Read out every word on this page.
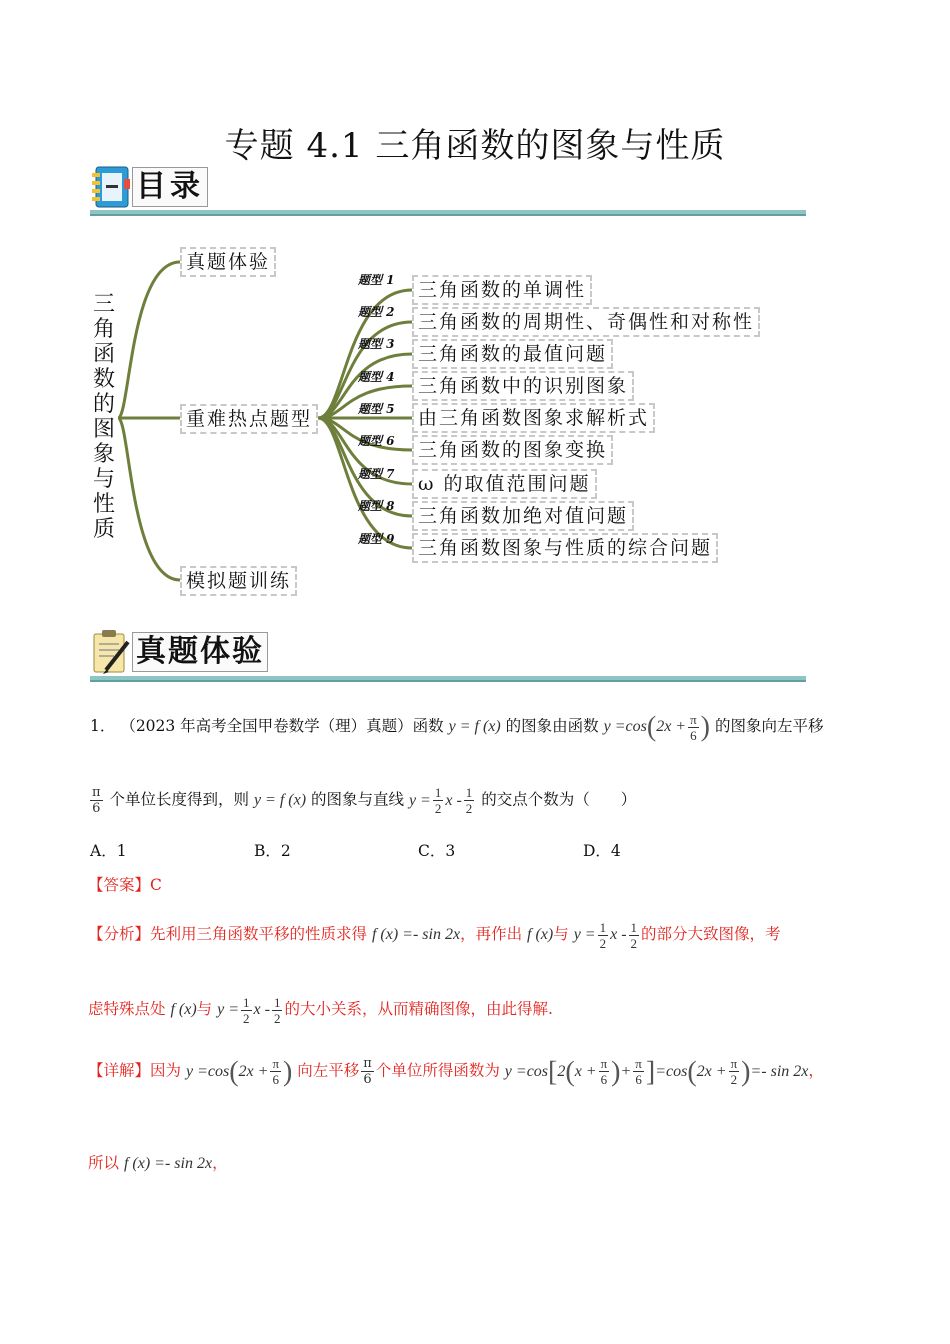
专题 4.1 三角函数的图象与性质
目录
三角函数的图象与性质
真题体验
重难热点题型
模拟题训练
题型 1
题型 2
题型 3
题型 4
题型 5
题型 6
题型 7
题型 8
题型 9
三角函数的单调性
三角函数的周期性、奇偶性和对称性
三角函数的最值问题
三角函数中的识别图象
由三角函数图象求解析式
三角函数的图象变换
ω 的取值范围问题
三角函数加绝对值问题
三角函数图象与性质的综合问题
真题体验
1． （2023 年高考全国甲卷数学（理）真题）函数 y = f (x) 的图象由函数 $y =\cos(2x + \frac{\pi}{6}$ ) 的图象向左平移
$\frac{\pi}{6}$ 个单位长度得到，则 y = f (x) 的图象与直线 $y = \frac{1}{2}$ x - $\frac{1}{2}$ 的交点个数为（　　）
A．1	B．2	C．3	D．4
【答案】C
【分析】先利用三角函数平移的性质求得 f (x) =- sin 2x，再作出 f (x)与 $y = \frac{1}{2}$ x - $\frac{1}{2}$ 的部分大致图像，考
虑特殊点处 f (x)与 $y = \frac{1}{2}$ x - $\frac{1}{2}$ 的大小关系，从而精确图像，由此得解.
【详解】因为 $y =\cos(2x + \frac{\pi}{6}$ ) 向左平移 $\frac{\pi}{6}$ 个单位所得函数为 $y =\cos[2(x + \frac{\pi}{6}$ )+ $\frac{\pi}{6} ]=\cos(2x + \frac{\pi}{2}$ )=- sin 2x，
所以 f (x) =- sin 2x，
